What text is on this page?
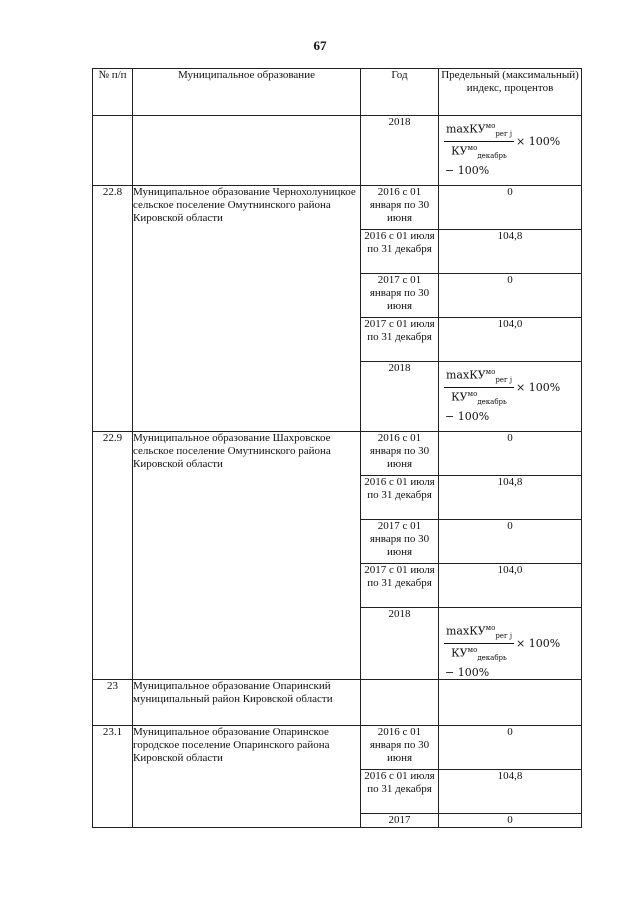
67
№ п/п	Муниципальное образование	Год	Предельный (максимальный) индекс, процентов
		2018	$\frac{\max КУ^{мо}_{рег j}}{КУ^{мо}_{декабрь}} \times 100\%$
− 100%

22.8	Муниципальное образование Чернохолуницкое сельское поселение Омутнинского района Кировской области	2016 с 01 января по 30 июня	0
		2016 с 01 июля по 31 декабря	104,8
		2017 с 01 января по 30 июня	0
		2017 с 01 июля по 31 декабря	104,0
		2018	$\frac{\max КУ^{мо}_{рег j}}{КУ^{мо}_{декабрь}} \times 100\%$
− 100%

22.9	Муниципальное образование Шахровское сельское поселение Омутнинского района Кировской области	2016 с 01 января по 30 июня	0
		2016 с 01 июля по 31 декабря	104,8
		2017 с 01 января по 30 июня	0
		2017 с 01 июля по 31 декабря	104,0
		2018	$\frac{\max КУ^{мо}_{рег j}}{КУ^{мо}_{декабрь}} \times 100\%$
− 100%

23	Муниципальное образование Опаринский муниципальный район Кировской области		
23.1	Муниципальное образование Опаринское городское поселение Опаринского района Кировской области	2016 с 01 января по 30 июня	0
		2016 с 01 июля по 31 декабря	104,8
		2017	0
